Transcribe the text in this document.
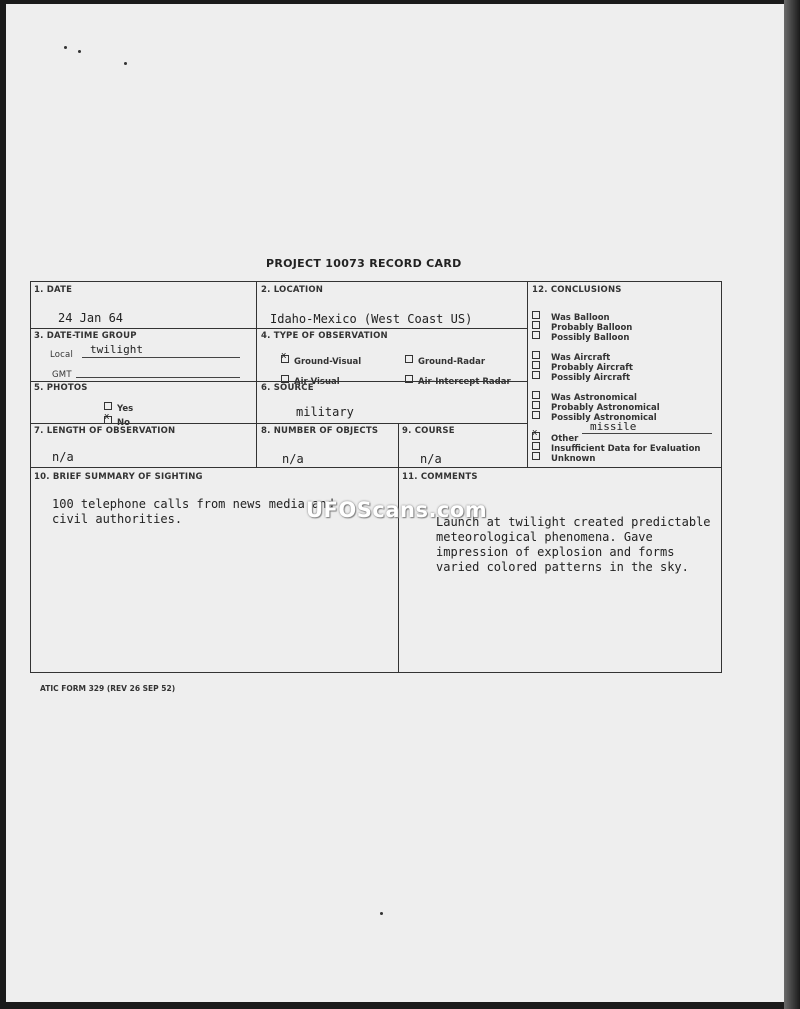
PROJECT 10073 RECORD CARD
1. DATE
24 Jan 64
2. LOCATION
Idaho-Mexico (West Coast US)
3. DATE-TIME GROUP
Local twilight
GMT
4. TYPE OF OBSERVATION
xGround-Visual	Ground-Radar
Air-Visual	Air-Intercept Radar
5. PHOTOS
Yes
xNo
6. SOURCE
military
7. LENGTH OF OBSERVATION
n/a
8. NUMBER OF OBJECTS
n/a
9. COURSE
n/a
10. BRIEF SUMMARY OF SIGHTING
100 telephone calls from news media and
civil authorities.
11. COMMENTS
Launch at twilight created predictable
meteorological phenomena. Gave
impression of explosion and forms
varied colored patterns in the sky.
12. CONCLUSIONS
Was Balloon
Probably Balloon
Possibly Balloon
Was Aircraft
Probably Aircraft
Possibly Aircraft
Was Astronomical
Probably Astronomical
Possibly Astronomical
xOther
missile
Insufficient Data for Evaluation
Unknown
ATIC FORM 329 (REV 26 SEP 52)
UFOScans.com
